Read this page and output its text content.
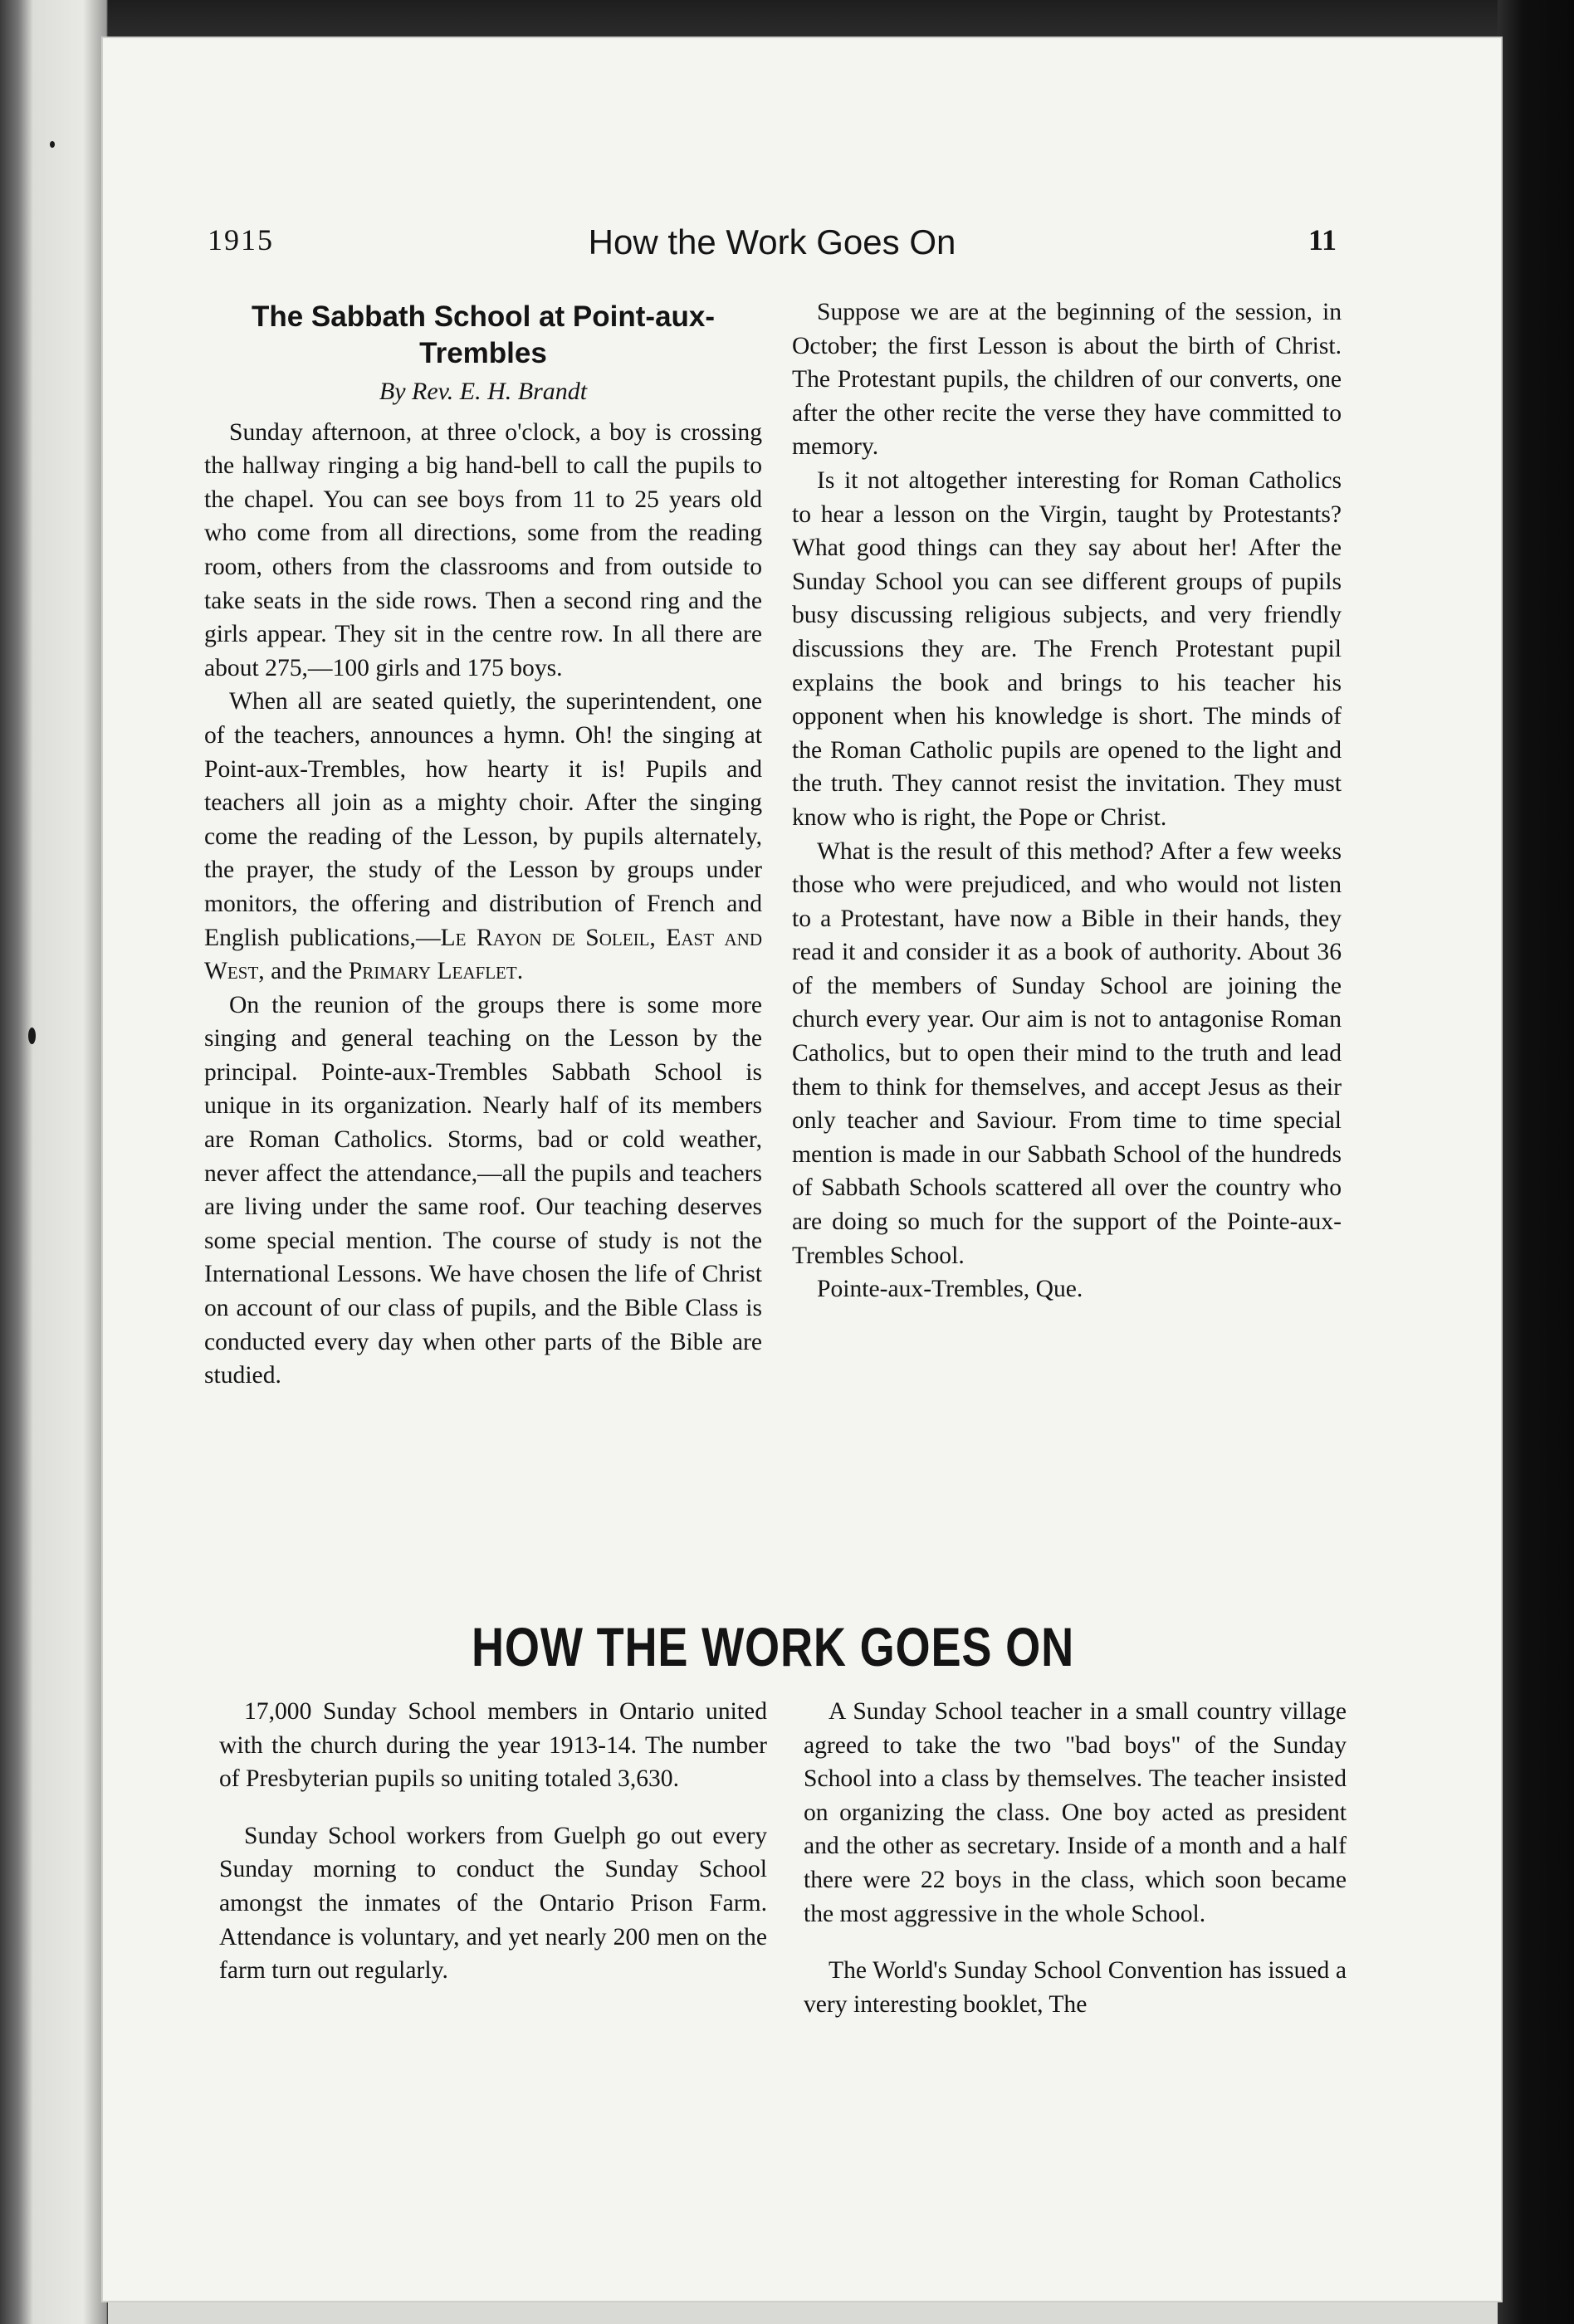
1915	How the Work Goes On	11
The Sabbath School at Point-aux-Trembles
By Rev. E. H. Brandt

Sunday afternoon, at three o'clock, a boy is crossing the hallway ringing a big hand-bell to call the pupils to the chapel. You can see boys from 11 to 25 years old who come from all directions, some from the reading room, others from the classrooms and from outside to take seats in the side rows. Then a second ring and the girls appear. They sit in the centre row. In all there are about 275,—100 girls and 175 boys.

When all are seated quietly, the superintendent, one of the teachers, announces a hymn. Oh! the singing at Point-aux-Trembles, how hearty it is! Pupils and teachers all join as a mighty choir. After the singing come the reading of the Lesson, by pupils alternately, the prayer, the study of the Lesson by groups under monitors, the offering and distribution of French and English publications,—Le Rayon de Soleil, East and West, and the Primary Leaflet.

On the reunion of the groups there is some more singing and general teaching on the Lesson by the principal. Pointe-aux-Trembles Sabbath School is unique in its organization. Nearly half of its members are Roman Catholics. Storms, bad or cold weather, never affect the attendance,—all the pupils and teachers are living under the same roof. Our teaching deserves some special mention. The course of study is not the International Lessons. We have chosen the life of Christ on account of our class of pupils, and the Bible Class is conducted every day when other parts of the Bible are studied.

Suppose we are at the beginning of the session, in October; the first Lesson is about the birth of Christ. The Protestant pupils, the children of our converts, one after the other recite the verse they have committed to memory.

Is it not altogether interesting for Roman Catholics to hear a lesson on the Virgin, taught by Protestants? What good things can they say about her! After the Sunday School you can see different groups of pupils busy discussing religious subjects, and very friendly discussions they are. The French Protestant pupil explains the book and brings to his teacher his opponent when his knowledge is short. The minds of the Roman Catholic pupils are opened to the light and the truth. They cannot resist the invitation. They must know who is right, the Pope or Christ.

What is the result of this method? After a few weeks those who were prejudiced, and who would not listen to a Protestant, have now a Bible in their hands, they read it and consider it as a book of authority. About 36 of the members of Sunday School are joining the church every year. Our aim is not to antagonise Roman Catholics, but to open their mind to the truth and lead them to think for themselves, and accept Jesus as their only teacher and Saviour. From time to time special mention is made in our Sabbath School of the hundreds of Sabbath Schools scattered all over the country who are doing so much for the support of the Pointe-aux-Trembles School.

Pointe-aux-Trembles, Que.

HOW THE WORK GOES ON

17,000 Sunday School members in Ontario united with the church during the year 1913-14. The number of Presbyterian pupils so uniting totaled 3,630.

Sunday School workers from Guelph go out every Sunday morning to conduct the Sunday School amongst the inmates of the Ontario Prison Farm. Attendance is voluntary, and yet nearly 200 men on the farm turn out regularly.

A Sunday School teacher in a small country village agreed to take the two "bad boys" of the Sunday School into a class by themselves. The teacher insisted on organizing the class. One boy acted as president and the other as secretary. Inside of a month and a half there were 22 boys in the class, which soon became the most aggressive in the whole School.

The World's Sunday School Convention has issued a very interesting booklet, The
